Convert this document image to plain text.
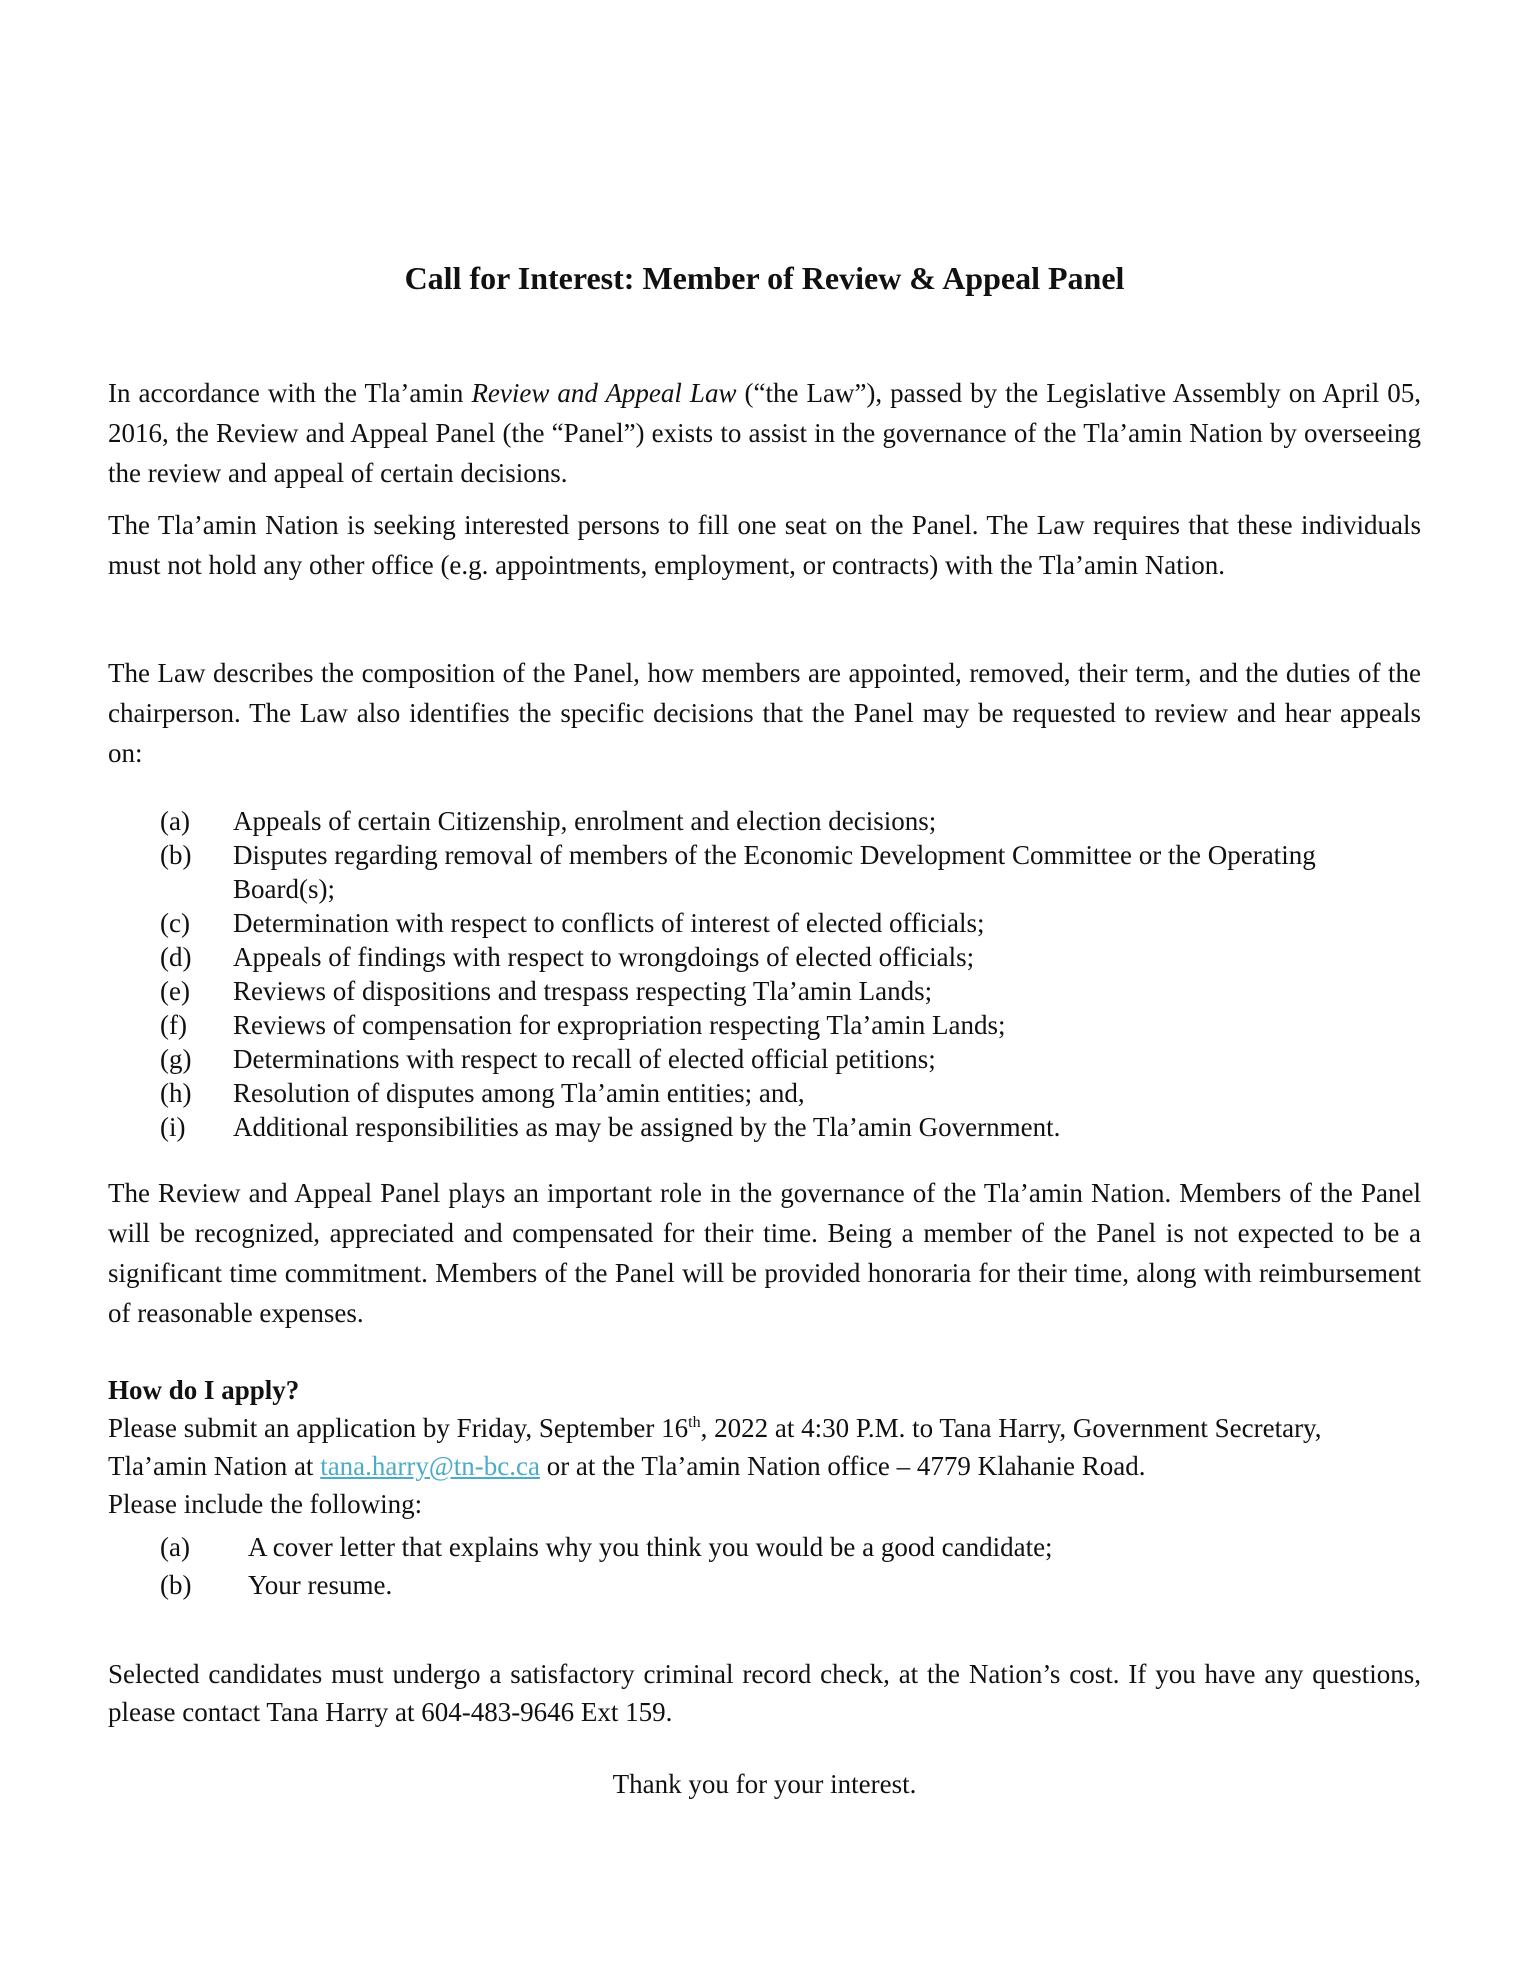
Call for Interest: Member of Review & Appeal Panel

In accordance with the Tla’amin Review and Appeal Law (“the Law”), passed by the Legislative Assembly on April 05, 2016, the Review and Appeal Panel (the “Panel”) exists to assist in the governance of the Tla’amin Nation by overseeing the review and appeal of certain decisions.

The Tla’amin Nation is seeking interested persons to fill one seat on the Panel. The Law requires that these individuals must not hold any other office (e.g. appointments, employment, or contracts) with the Tla’amin Nation.

The Law describes the composition of the Panel, how members are appointed, removed, their term, and the duties of the chairperson. The Law also identifies the specific decisions that the Panel may be requested to review and hear appeals on:

(a) Appeals of certain Citizenship, enrolment and election decisions;
(b) Disputes regarding removal of members of the Economic Development Committee or the Operating Board(s);
(c) Determination with respect to conflicts of interest of elected officials;
(d) Appeals of findings with respect to wrongdoings of elected officials;
(e) Reviews of dispositions and trespass respecting Tla’amin Lands;
(f) Reviews of compensation for expropriation respecting Tla’amin Lands;
(g) Determinations with respect to recall of elected official petitions;
(h) Resolution of disputes among Tla’amin entities; and,
(i) Additional responsibilities as may be assigned by the Tla’amin Government.

The Review and Appeal Panel plays an important role in the governance of the Tla’amin Nation. Members of the Panel will be recognized, appreciated and compensated for their time. Being a member of the Panel is not expected to be a significant time commitment. Members of the Panel will be provided honoraria for their time, along with reimbursement of reasonable expenses.

How do I apply?

Please submit an application by Friday, September 16th, 2022 at 4:30 P.M. to Tana Harry, Government Secretary, Tla’amin Nation at tana.harry@tn-bc.ca or at the Tla’amin Nation office – 4779 Klahanie Road.
Please include the following:

(a) A cover letter that explains why you think you would be a good candidate;
(b) Your resume.

Selected candidates must undergo a satisfactory criminal record check, at the Nation’s cost. If you have any questions, please contact Tana Harry at 604-483-9646 Ext 159.

Thank you for your interest.
